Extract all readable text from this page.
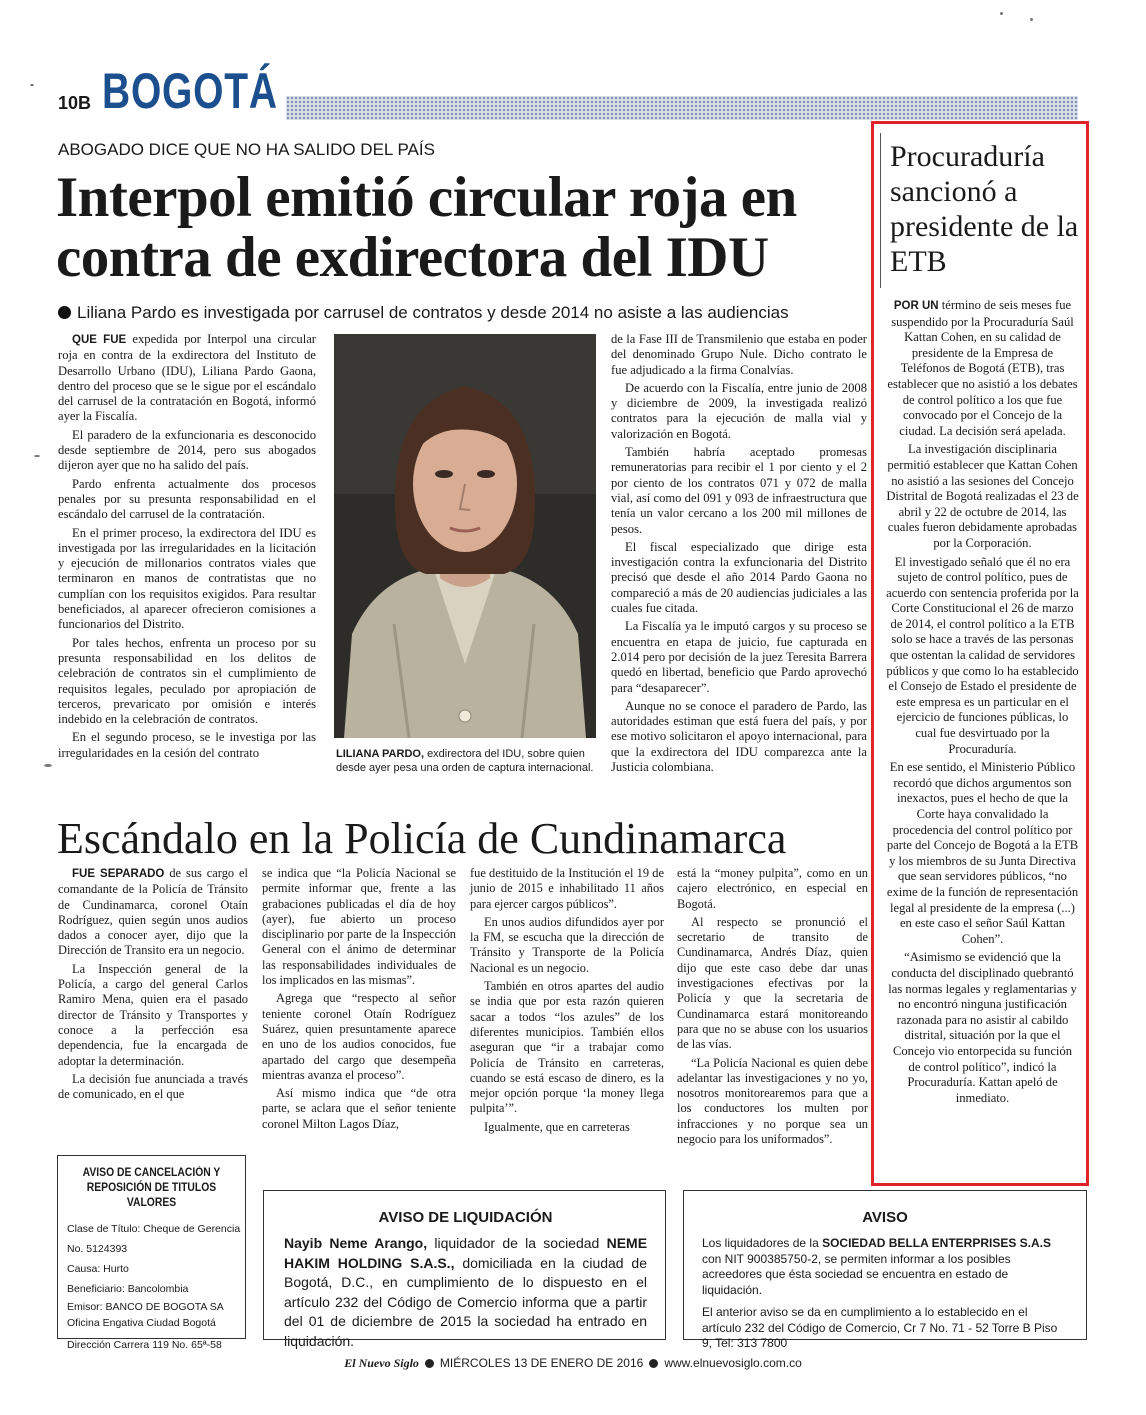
10B BOGOTÁ
ABOGADO DICE QUE NO HA SALIDO DEL PAÍS
Interpol emitió circular roja en
contra de exdirectora del IDU
Liliana Pardo es investigada por carrusel de contratos y desde 2014 no asiste a las audiencias

QUE FUE expedida por Interpol una circular roja en contra de la exdirectora del Instituto de Desarrollo Urbano (IDU), Liliana Pardo Gaona, dentro del proceso que se le sigue por el escándalo del carrusel de la contratación en Bogotá, informó ayer la Fiscalía.

El paradero de la exfuncionaria es desconocido desde septiembre de 2014, pero sus abogados dijeron ayer que no ha salido del país.

Pardo enfrenta actualmente dos procesos penales por su presunta responsabilidad en el escándalo del carrusel de la contratación.

En el primer proceso, la exdirectora del IDU es investigada por las irregularidades en la licitación y ejecución de millonarios contratos viales que terminaron en manos de contratistas que no cumplían con los requisitos exigidos. Para resultar beneficiados, al aparecer ofrecieron comisiones a funcionarios del Distrito.

Por tales hechos, enfrenta un proceso por su presunta responsabilidad en los delitos de celebración de contratos sin el cumplimiento de requisitos legales, peculado por apropiación de terceros, prevaricato por omisión e interés indebido en la celebración de contratos.

En el segundo proceso, se le investiga por las irregularidades en la cesión del contrato	LILIANA PARDO, exdirectora del IDU, sobre quien desde ayer pesa una orden de captura internacional.

de la Fase III de Transmilenio que estaba en poder del denominado Grupo Nule. Dicho contrato le fue adjudicado a la firma Conalvías.

De acuerdo con la Fiscalía, entre junio de 2008 y diciembre de 2009, la investigada realizó contratos para la ejecución de malla vial y valorización en Bogotá.

También habría aceptado promesas remuneratorias para recibir el 1 por ciento y el 2 por ciento de los contratos 071 y 072 de malla vial, así como del 091 y 093 de infraestructura que tenía un valor cercano a los 200 mil millones de pesos.

El fiscal especializado que dirige esta investigación contra la exfuncionaria del Distrito precisó que desde el año 2014 Pardo Gaona no compareció a más de 20 audiencias judiciales a las cuales fue citada.

La Fiscalía ya le imputó cargos y su proceso se encuentra en etapa de juicio, fue capturada en 2.014 pero por decisión de la juez Teresita Barrera quedó en libertad, beneficio que Pardo aprovechó para “desaparecer”.

Aunque no se conoce el paradero de Pardo, las autoridades estiman que está fuera del país, y por ese motivo solicitaron el apoyo internacional, para que la exdirectora del IDU comparezca ante la Justicia colombiana.

Escándalo en la Policía de Cundinamarca

FUE SEPARADO de sus cargo el comandante de la Policía de Tránsito de Cundinamarca, coronel Otaín Rodríguez, quien según unos audios dados a conocer ayer, dijo que la Dirección de Transito era un negocio.

La Inspección general de la Policía, a cargo del general Carlos Ramiro Mena, quien era el pasado director de Tránsito y Transportes y conoce a la perfección esa dependencia, fue la encargada de adoptar la determinación.

La decisión fue anunciada a través de comunicado, en el que

se indica que “la Policía Nacional se permite informar que, frente a las grabaciones publicadas el día de hoy (ayer), fue abierto un proceso disciplinario por parte de la Inspección General con el ánimo de determinar las responsabilidades individuales de los implicados en las mismas”.

Agrega que “respecto al señor teniente coronel Otaín Rodríguez Suárez, quien presuntamente aparece en uno de los audios conocidos, fue apartado del cargo que desempeña mientras avanza el proceso”.

Así mismo indica que “de otra parte, se aclara que el señor teniente coronel Milton Lagos Díaz,

fue destituido de la Institución el 19 de junio de 2015 e inhabilitado 11 años para ejercer cargos públicos”.

En unos audios difundidos ayer por la FM, se escucha que la dirección de Tránsito y Transporte de la Policía Nacional es un negocio.

También en otros apartes del audio se india que por esta razón quieren sacar a todos “los azules” de los diferentes municipios. También ellos aseguran que “ir a trabajar como Policía de Tránsito en carreteras, cuando se está escaso de dinero, es la mejor opción porque ‘la money llega pulpita’”.

Igualmente, que en carreteras

está la “money pulpita”, como en un cajero electrónico, en especial en Bogotá.

Al respecto se pronunció el secretario de transito de Cundinamarca, Andrés Díaz, quien dijo que este caso debe dar unas investigaciones efectivas por la Policía y que la secretaria de Cundinamarca estará monitoreando para que no se abuse con los usuarios de las vías.

“La Policía Nacional es quien debe adelantar las investigaciones y no yo, nosotros monitorearemos para que a los conductores los multen por infracciones y no porque sea un negocio para los uniformados”.

Procuraduría sancionó a presidente de la ETB

POR UN término de seis meses fue suspendido por la Procuraduría Saúl Kattan Cohen, en su calidad de presidente de la Empresa de Teléfonos de Bogotá (ETB), tras establecer que no asistió a los debates de control político a los que fue convocado por el Concejo de la ciudad. La decisión será apelada.

La investigación disciplinaria permitió establecer que Kattan Cohen no asistió a las sesiones del Concejo Distrital de Bogotá realizadas el 23 de abril y 22 de octubre de 2014, las cuales fueron debidamente aprobadas por la Corporación.

El investigado señaló que él no era sujeto de control político, pues de acuerdo con sentencia proferida por la Corte Constitucional el 26 de marzo de 2014, el control político a la ETB solo se hace a través de las personas que ostentan la calidad de servidores públicos y que como lo ha establecido el Consejo de Estado el presidente de este empresa es un particular en el ejercicio de funciones públicas, lo cual fue desvirtuado por la Procuraduría.

En ese sentido, el Ministerio Público recordó que dichos argumentos son inexactos, pues el hecho de que la Corte haya convalidado la procedencia del control político por parte del Concejo de Bogotá a la ETB y los miembros de su Junta Directiva que sean servidores públicos, “no exime de la función de representación legal al presidente de la empresa (...) en este caso el señor Saúl Kattan Cohen”.

“Asimismo se evidenció que la conducta del disciplinado quebrantó las normas legales y reglamentarias y no encontró ninguna justificación razonada para no asistir al cabildo distrital, situación por la que el Concejo vio entorpecida su función de control político”, indicó la Procuraduría. Kattan apeló de inmediato.

AVISO DE CANCELACIÓN Y REPOSICIÓN DE TITULOS VALORES
Clase de Título: Cheque de Gerencia
No. 5124393
Causa: Hurto
Beneficiario: Bancolombia
Emisor: BANCO DE BOGOTA SA Oficina Engativa Ciudad Bogotá
Dirección Carrera 119 No. 65ª-58
AVISO DE LIQUIDACIÓN
Nayib Neme Arango, liquidador de la sociedad NEME HAKIM HOLDING S.A.S., domiciliada en la ciudad de Bogotá, D.C., en cumplimiento de lo dispuesto en el artículo 232 del Código de Comercio informa que a partir del 01 de diciembre de 2015 la sociedad ha entrado en liquidación.
AVISO
Los liquidadores de la SOCIEDAD BELLA ENTERPRISES S.A.S con NIT 900385750-2, se permiten informar a los posibles acreedores que ésta sociedad se encuentra en estado de liquidación.
El anterior aviso se da en cumplimiento a lo establecido en el artículo 232 del Código de Comercio, Cr 7 No. 71 - 52 Torre B Piso 9, Tel: 313 7800
El Nuevo Siglo MIÉRCOLES 13 DE ENERO DE 2016 www.elnuevosiglo.com.co
